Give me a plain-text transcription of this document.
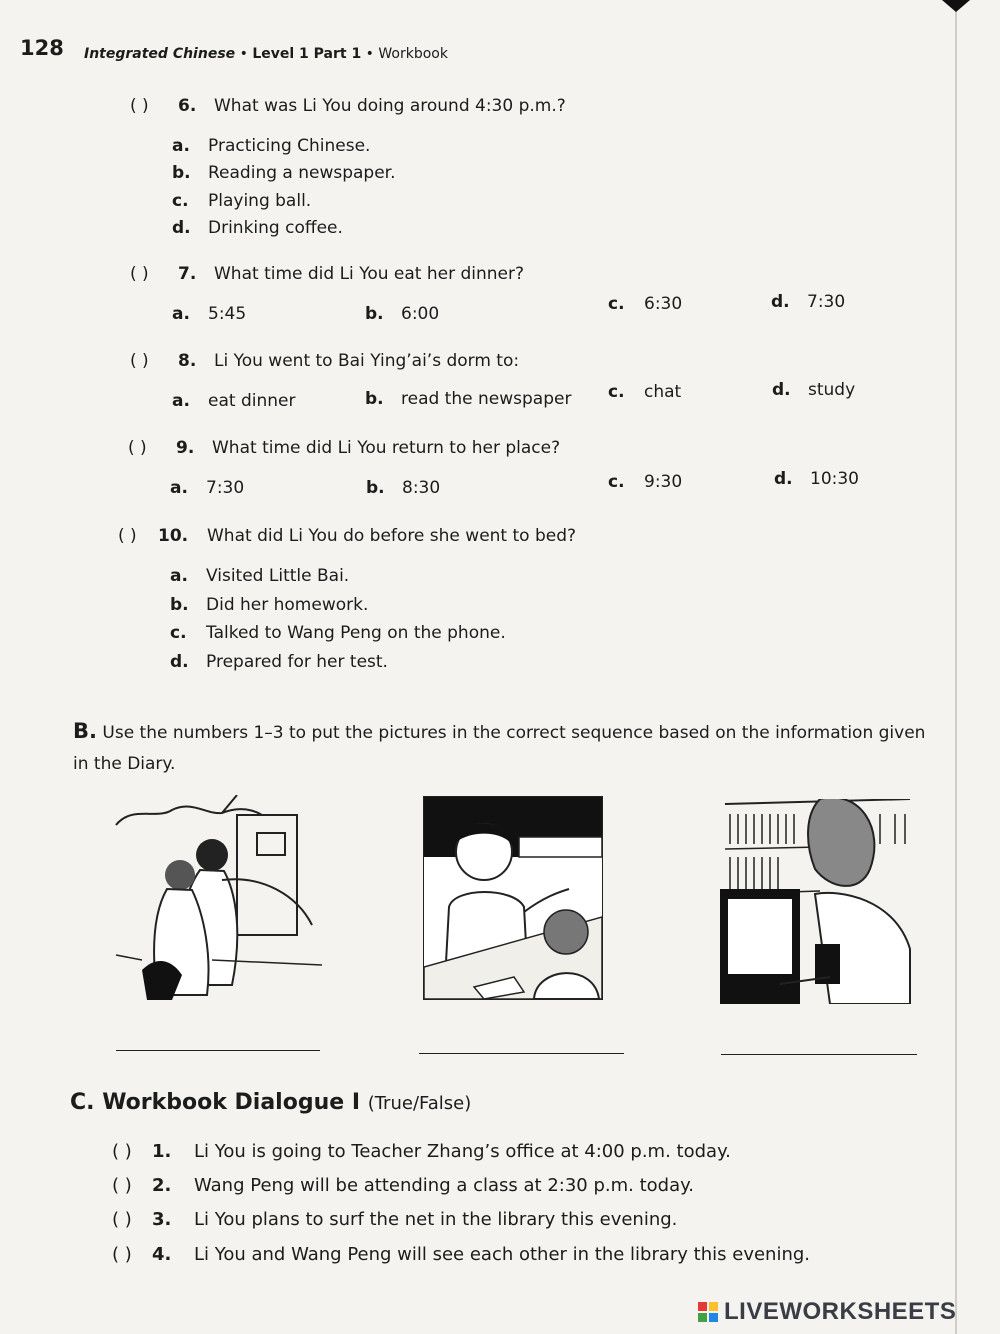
128 Integrated Chinese • Level 1 Part 1 • Workbook
( ) 6. What was Li You doing around 4:30 p.m.?
a. Practicing Chinese.
b. Reading a newspaper.
c. Playing ball.
d. Drinking coffee.
( ) 7. What time did Li You eat her dinner?
a. 5:45	b. 6:00	c. 6:30	d. 7:30
( ) 8. Li You went to Bai Ying’ai’s dorm to:
a. eat dinner	b. read the newspaper c. chat	d. study
( ) 9. What time did Li You return to her place?
a. 7:30	b. 8:30	c. 9:30	d. 10:30
( ) 10. What did Li You do before she went to bed?
a. Visited Little Bai.
b. Did her homework.
c. Talked to Wang Peng on the phone.
d. Prepared for her test.
B. Use the numbers 1–3 to put the pictures in the correct sequence based on the information given in the Diary.
C. Workbook Dialogue I (True/False)
( ) 1. Li You is going to Teacher Zhang’s office at 4:00 p.m. today.
( ) 2. Wang Peng will be attending a class at 2:30 p.m. today.
( ) 3. Li You plans to surf the net in the library this evening.
( ) 4. Li You and Wang Peng will see each other in the library this evening.
LIVEWORKSHEETS
